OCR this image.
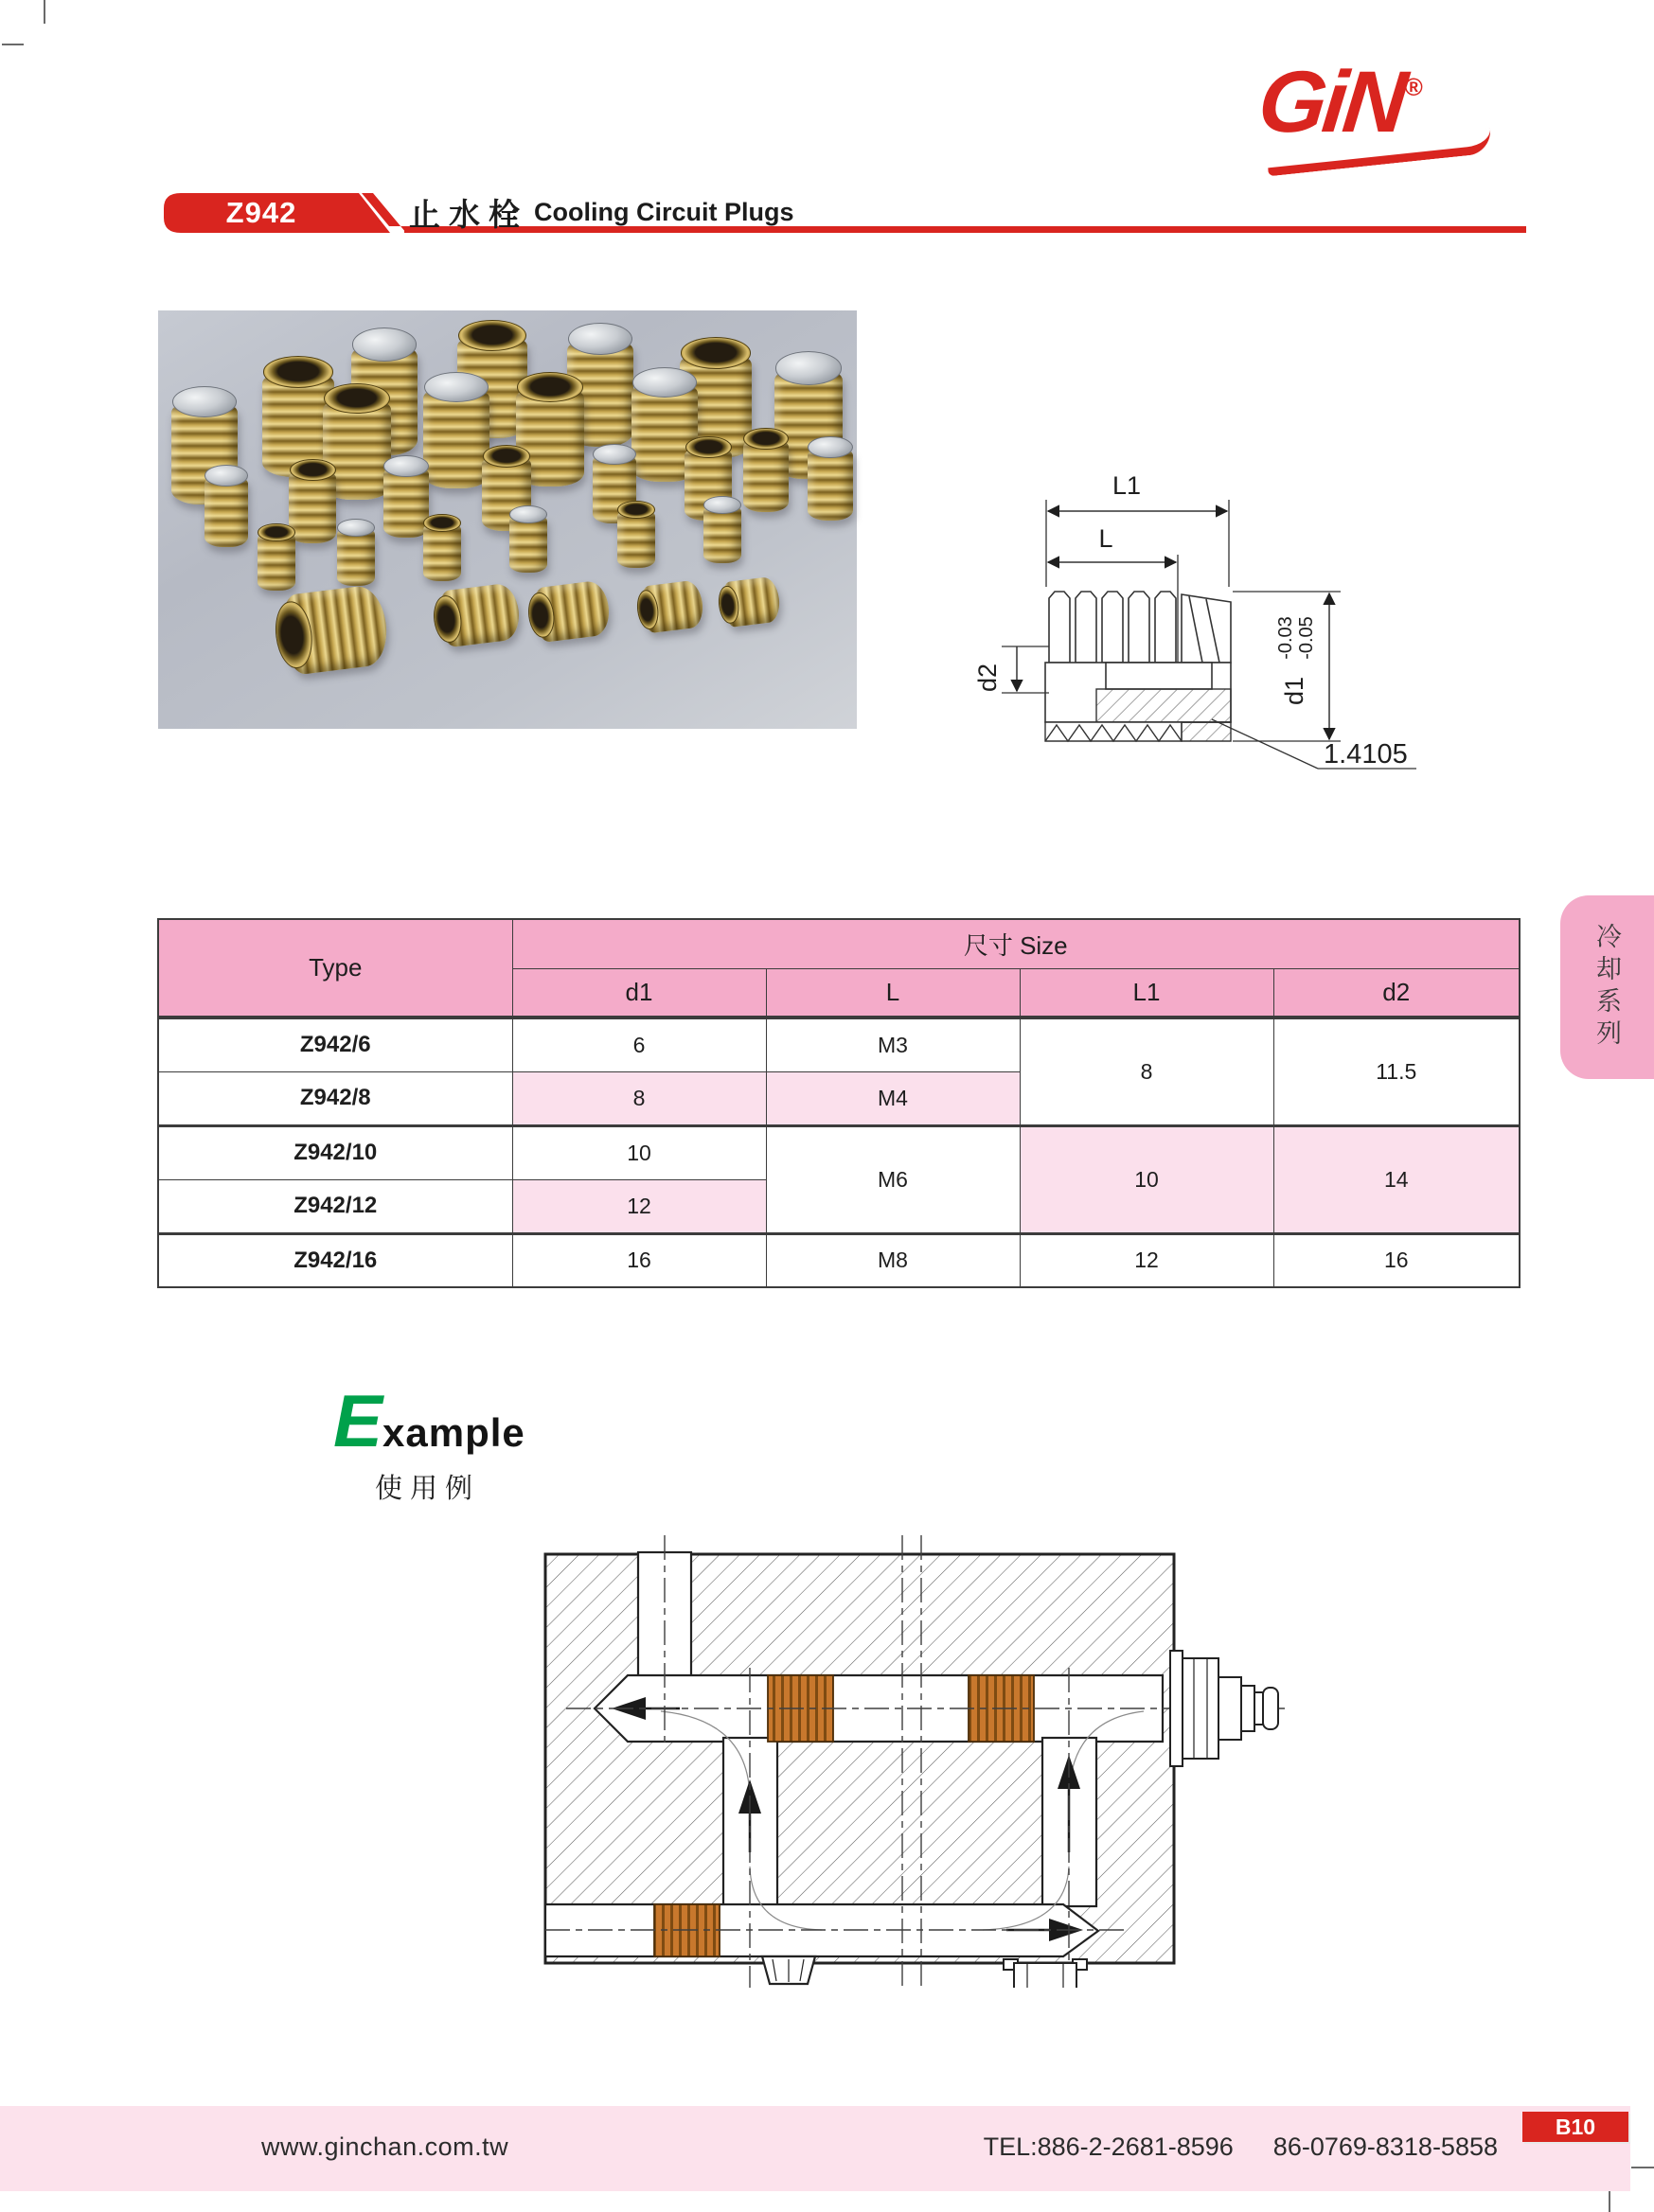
GiN®
Z942	止水栓 Cooling Circuit Plugs
L1
L
d2
-0.03 -0.05
d1
1.4105
Type	尺寸 Size			
	d1	L	L1	d2
Z942/6	6	M3	8	11.5
Z942/8	8	M4		
Z942/10	10	M6	10	14
Z942/12	12			
Z942/16	16	M8	12	16
冷却系列
Example
使用例
www.ginchan.com.tw	TEL:886-2-2681-8596 86-0769-8318-5858
B10
